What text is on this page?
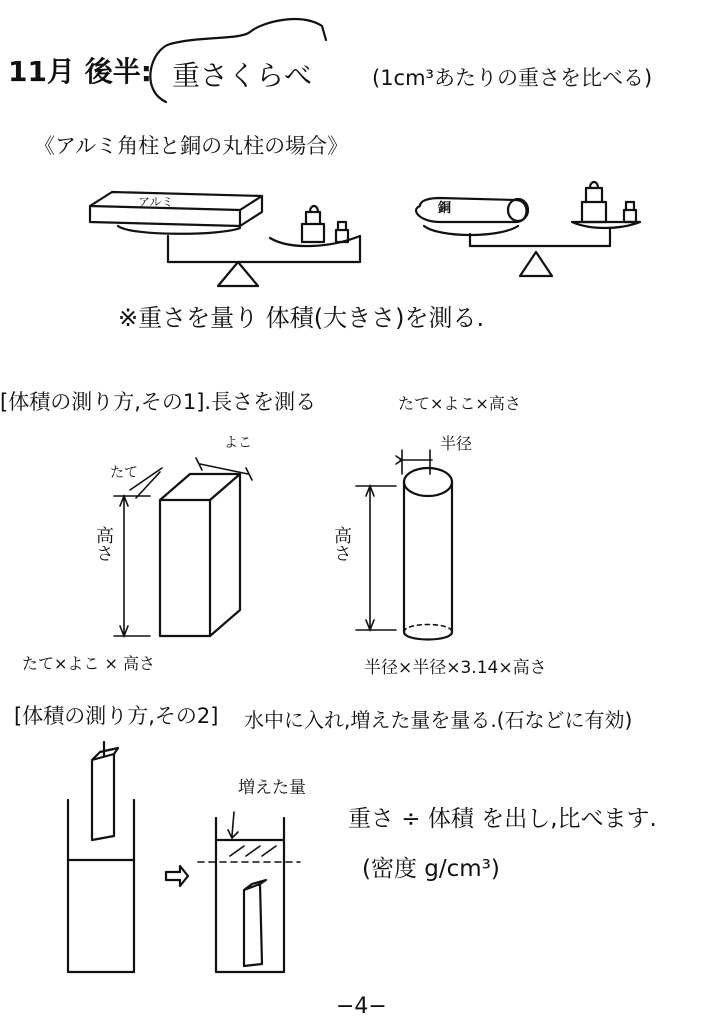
11月 後半: 重さくらべ	(1cm³あたりの重さを比べる)
《アルミ角柱と銅の丸柱の場合》
アルミ	銅
※重さを量り 体積(大きさ)を測る.
[体積の測り方,その1].長さを測る	たて×よこ×高さ
よこ
たて
高さ
たて×よこ × 高さ
半径
高さ
半径×半径×3.14×高さ
[体積の測り方,その2] 水中に入れ,増えた量を量る.(石などに有効)
増えた量
重さ ÷ 体積 を出し,比べます.
(密度 g/cm³)
−4−
